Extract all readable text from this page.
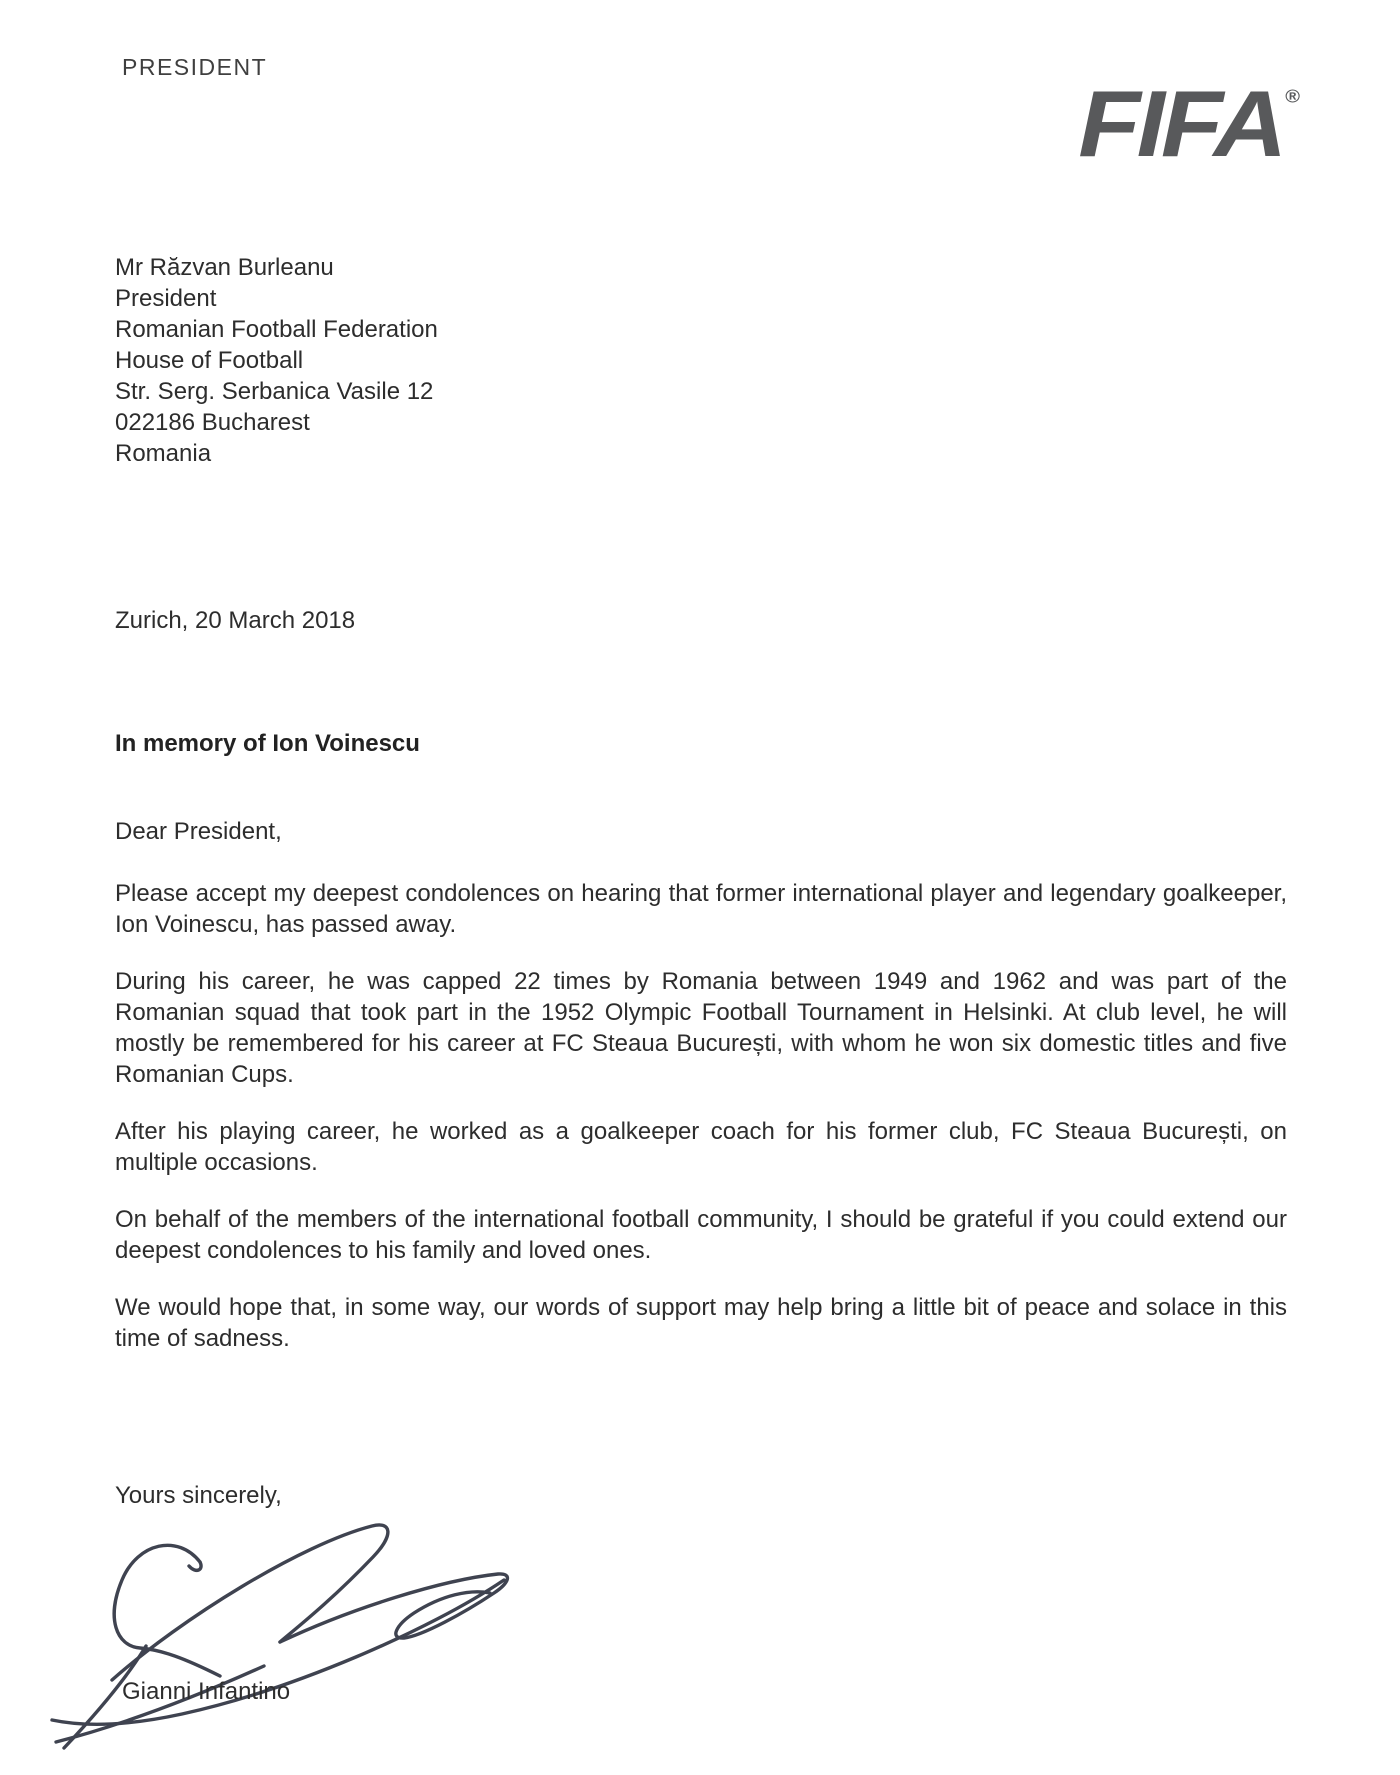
PRESIDENT
FIFA ®
Mr Răzvan Burleanu
President
Romanian Football Federation
House of Football
Str. Serg. Serbanica Vasile 12
022186 Bucharest
Romania
Zurich, 20 March 2018
In memory of Ion Voinescu
Dear President,

Please accept my deepest condolences on hearing that former international player and legendary goalkeeper, Ion Voinescu, has passed away.

During his career, he was capped 22 times by Romania between 1949 and 1962 and was part of the Romanian squad that took part in the 1952 Olympic Football Tournament in Helsinki. At club level, he will mostly be remembered for his career at FC Steaua București, with whom he won six domestic titles and five Romanian Cups.

After his playing career, he worked as a goalkeeper coach for his former club, FC Steaua București, on multiple occasions.

On behalf of the members of the international football community, I should be grateful if you could extend our deepest condolences to his family and loved ones.

We would hope that, in some way, our words of support may help bring a little bit of peace and solace in this time of sadness.

Yours sincerely,
Gianni Infantino
